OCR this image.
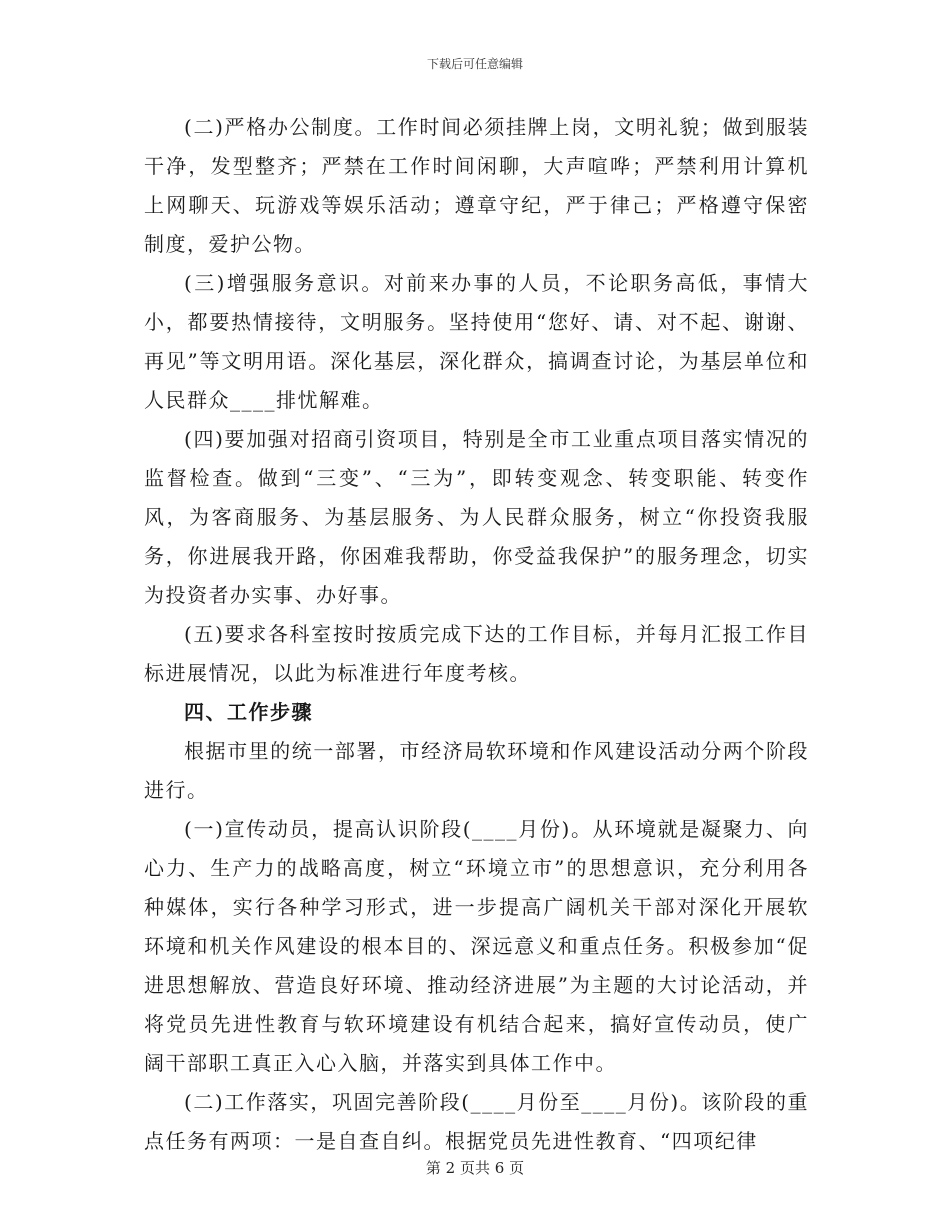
下载后可任意编辑

(二)严格办公制度。工作时间必须挂牌上岗，文明礼貌；做到服装干净，发型整齐；严禁在工作时间闲聊，大声喧哗；严禁利用计算机上网聊天、玩游戏等娱乐活动；遵章守纪，严于律己；严格遵守保密制度，爱护公物。

(三)增强服务意识。对前来办事的人员，不论职务高低，事情大小，都要热情接待，文明服务。坚持使用“您好、请、对不起、谢谢、再见”等文明用语。深化基层，深化群众，搞调查讨论，为基层单位和人民群众____排忧解难。

(四)要加强对招商引资项目，特别是全市工业重点项目落实情况的监督检查。做到“三变”、“三为”，即转变观念、转变职能、转变作风，为客商服务、为基层服务、为人民群众服务，树立“你投资我服务，你进展我开路，你困难我帮助，你受益我保护”的服务理念，切实为投资者办实事、办好事。

(五)要求各科室按时按质完成下达的工作目标，并每月汇报工作目标进展情况，以此为标准进行年度考核。

四、工作步骤

根据市里的统一部署，市经济局软环境和作风建设活动分两个阶段进行。

(一)宣传动员，提高认识阶段(____月份)。从环境就是凝聚力、向心力、生产力的战略高度，树立“环境立市”的思想意识，充分利用各种媒体，实行各种学习形式，进一步提高广阔机关干部对深化开展软环境和机关作风建设的根本目的、深远意义和重点任务。积极参加“促进思想解放、营造良好环境、推动经济进展”为主题的大讨论活动，并将党员先进性教育与软环境建设有机结合起来，搞好宣传动员，使广阔干部职工真正入心入脑，并落实到具体工作中。

(二)工作落实，巩固完善阶段(____月份至____月份)。该阶段的重点任务有两项：一是自查自纠。根据党员先进性教育、“四项纪律

第 2 页共 6 页
